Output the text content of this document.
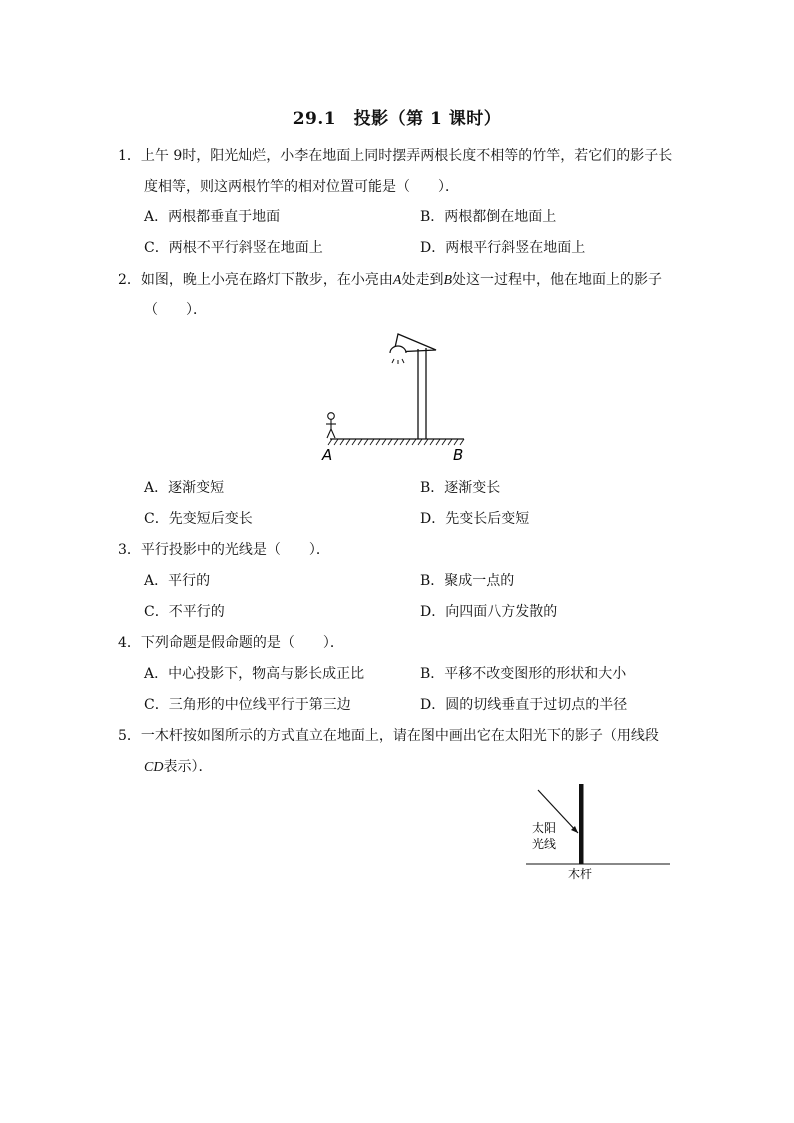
29.1　投影（第 1 课时）
1．上午 9时，阳光灿烂，小李在地面上同时摆弄两根长度不相等的竹竿，若它们的影子长
度相等，则这两根竹竿的相对位置可能是（　　）．
A．两根都垂直于地面	B．两根都倒在地面上
C．两根不平行斜竖在地面上	D．两根平行斜竖在地面上
2．如图，晚上小亮在路灯下散步，在小亮由A处走到B处这一过程中，他在地面上的影子
（　　）．
A	B
A．逐渐变短	B．逐渐变长
C．先变短后变长	D．先变长后变短
3．平行投影中的光线是（　　）．
A．平行的	B．聚成一点的
C．不平行的	D．向四面八方发散的
4．下列命题是假命题的是（　　）．
A．中心投影下，物高与影长成正比	B．平移不改变图形的形状和大小
C．三角形的中位线平行于第三边	D．圆的切线垂直于过切点的半径
5．一木杆按如图所示的方式直立在地面上，请在图中画出它在太阳光下的影子（用线段
CD表示）．
太阳
光线
木杆
